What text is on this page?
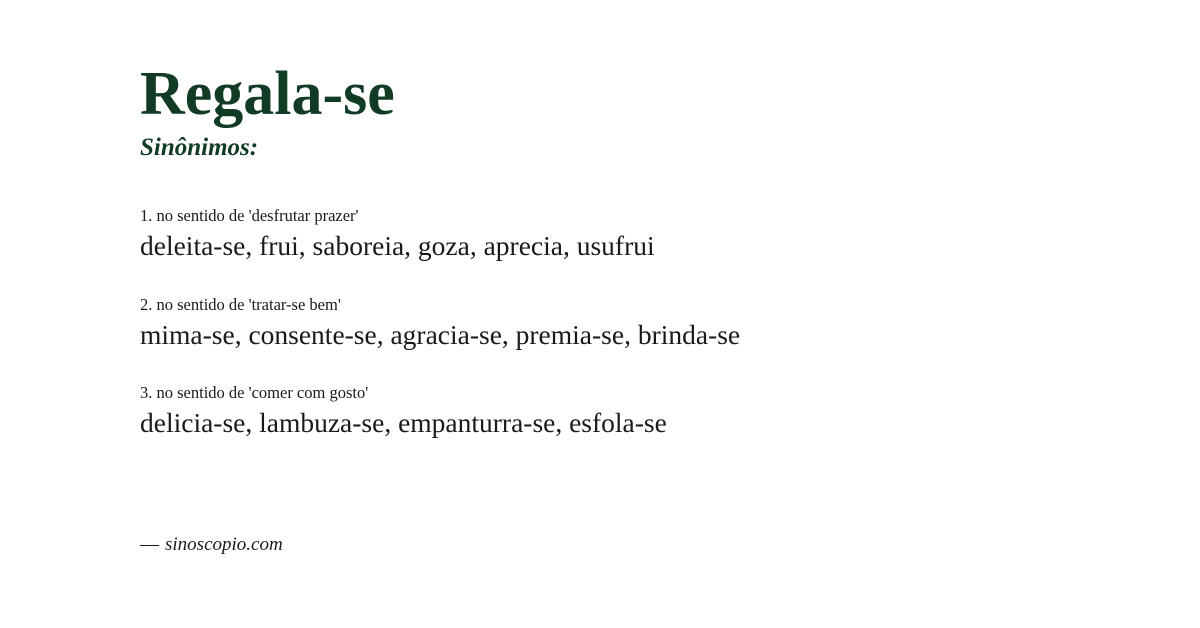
Regala-se
Sinônimos:
1. no sentido de 'desfrutar prazer'
deleita-se, frui, saboreia, goza, aprecia, usufrui
2. no sentido de 'tratar-se bem'
mima-se, consente-se, agracia-se, premia-se, brinda-se
3. no sentido de 'comer com gosto'
delicia-se, lambuza-se, empanturra-se, esfola-se
— sinoscopio.com
